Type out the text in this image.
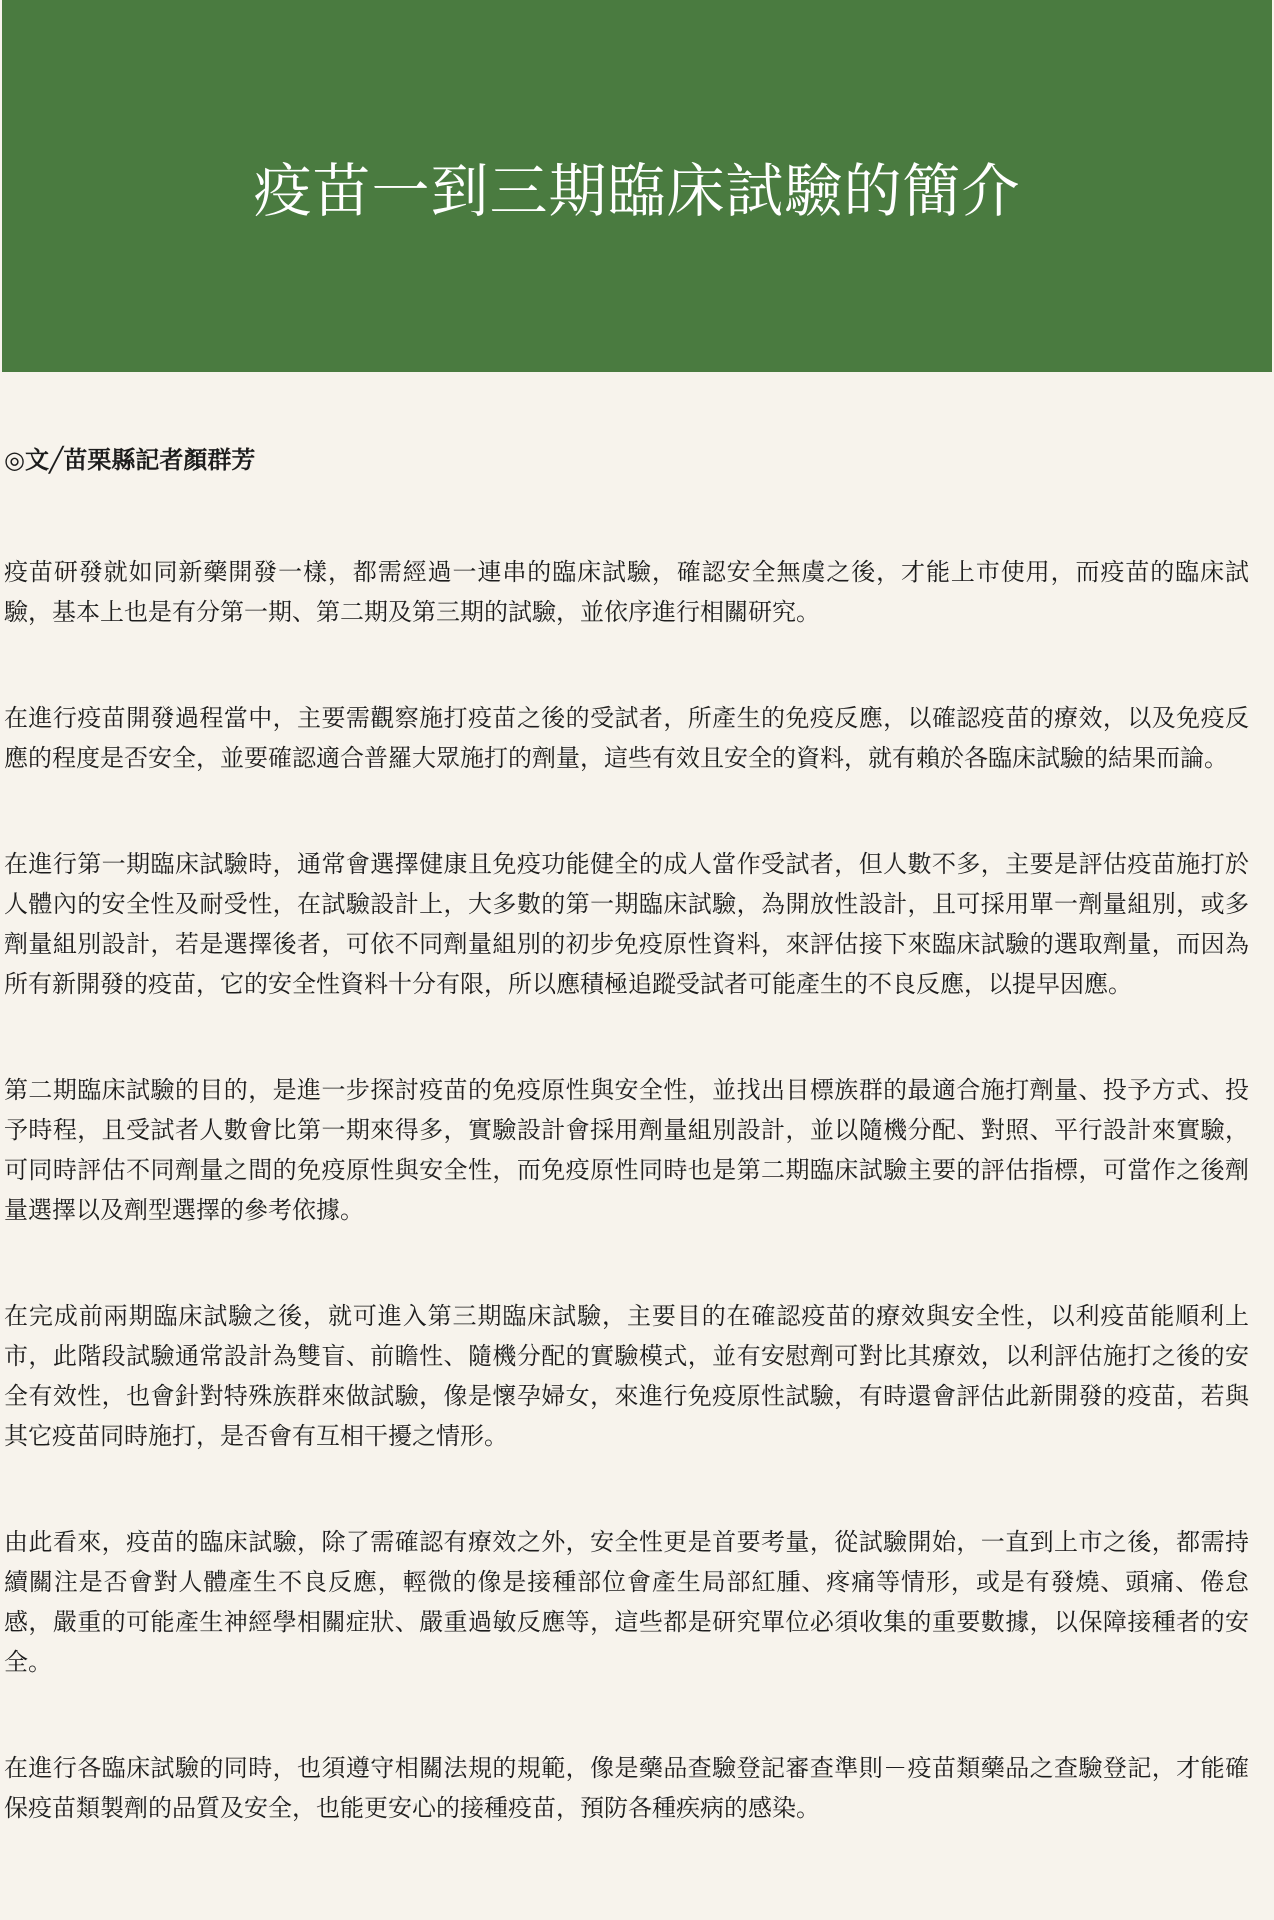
疫苗一到三期臨床試驗的簡介

◎文╱苗栗縣記者顏群芳

疫苗研發就如同新藥開發一樣，都需經過一連串的臨床試驗，確認安全無虞之後，才能上市使用，而疫苗的臨床試驗，基本上也是有分第一期、第二期及第三期的試驗，並依序進行相關研究。

在進行疫苗開發過程當中，主要需觀察施打疫苗之後的受試者，所產生的免疫反應，以確認疫苗的療效，以及免疫反應的程度是否安全，並要確認適合普羅大眾施打的劑量，這些有效且安全的資料，就有賴於各臨床試驗的結果而論。

在進行第一期臨床試驗時，通常會選擇健康且免疫功能健全的成人當作受試者，但人數不多，主要是評估疫苗施打於人體內的安全性及耐受性，在試驗設計上，大多數的第一期臨床試驗，為開放性設計，且可採用單一劑量組別，或多劑量組別設計，若是選擇後者，可依不同劑量組別的初步免疫原性資料，來評估接下來臨床試驗的選取劑量，而因為所有新開發的疫苗，它的安全性資料十分有限，所以應積極追蹤受試者可能產生的不良反應，以提早因應。

第二期臨床試驗的目的，是進一步探討疫苗的免疫原性與安全性，並找出目標族群的最適合施打劑量、投予方式、投予時程，且受試者人數會比第一期來得多，實驗設計會採用劑量組別設計，並以隨機分配、對照、平行設計來實驗，可同時評估不同劑量之間的免疫原性與安全性，而免疫原性同時也是第二期臨床試驗主要的評估指標，可當作之後劑量選擇以及劑型選擇的參考依據。

在完成前兩期臨床試驗之後，就可進入第三期臨床試驗，主要目的在確認疫苗的療效與安全性，以利疫苗能順利上市，此階段試驗通常設計為雙盲、前瞻性、隨機分配的實驗模式，並有安慰劑可對比其療效，以利評估施打之後的安全有效性，也會針對特殊族群來做試驗，像是懷孕婦女，來進行免疫原性試驗，有時還會評估此新開發的疫苗，若與其它疫苗同時施打，是否會有互相干擾之情形。

由此看來，疫苗的臨床試驗，除了需確認有療效之外，安全性更是首要考量，從試驗開始，一直到上市之後，都需持續關注是否會對人體產生不良反應，輕微的像是接種部位會產生局部紅腫、疼痛等情形，或是有發燒、頭痛、倦怠感，嚴重的可能產生神經學相關症狀、嚴重過敏反應等，這些都是研究單位必須收集的重要數據，以保障接種者的安全。

在進行各臨床試驗的同時，也須遵守相關法規的規範，像是藥品查驗登記審查準則－疫苗類藥品之查驗登記，才能確保疫苗類製劑的品質及安全，也能更安心的接種疫苗，預防各種疾病的感染。
